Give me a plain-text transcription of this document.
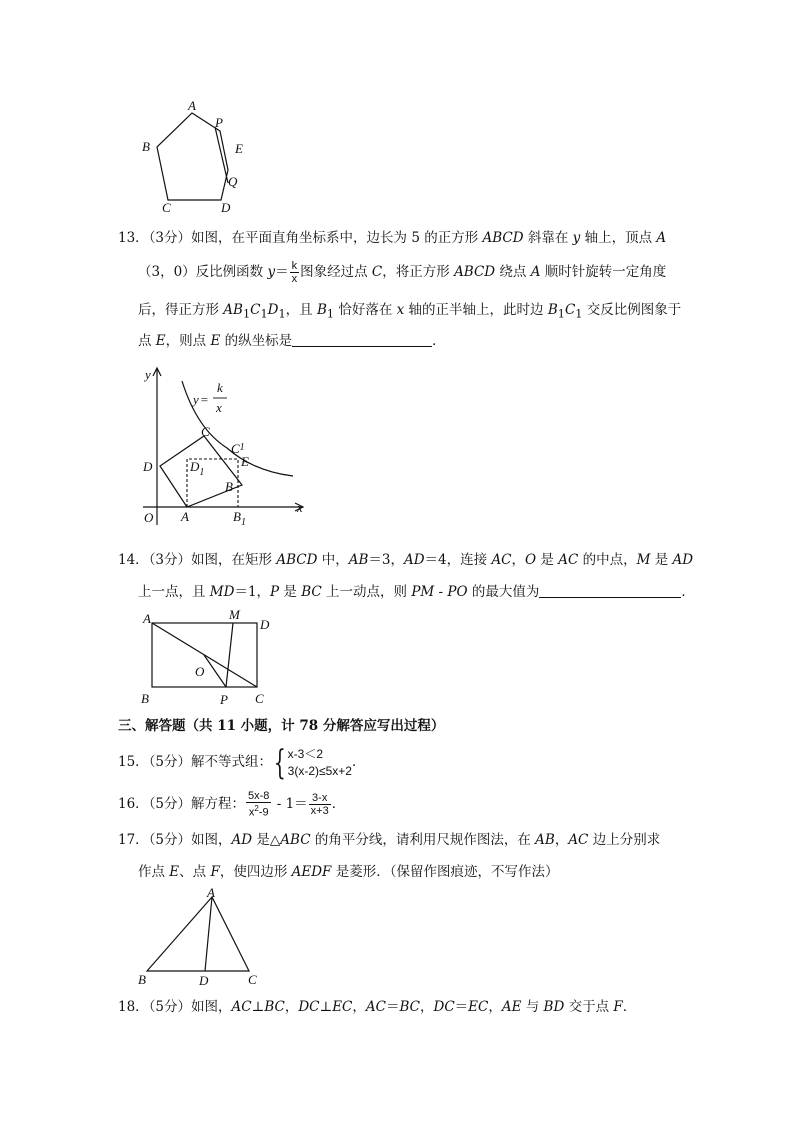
A
B
C	D
E
P
Q
13．（3分）如图，在平面直角坐标系中，边长为 5 的正方形 ABCD 斜靠在 y 轴上，顶点 A
（3，0）反比例函数 $y= \frac{k}{x}$ 图象经过点 C，将正方形 ABCD 绕点 A 顺时针旋转一定角度
后，得正方形 $AB_1C_1D_1$，且 $B_1$ 恰好落在 x 轴的正半轴上，此时边 $B_1C_1$ 交反比例图象于
点 E，则点 E 的纵坐标是	．
y
x
O A
B
$B_1$
C
$C^1$
D	$D_1$
E
y =
k
x
14．（3分）如图，在矩形 ABCD 中，AB＝3，AD＝4，连接 AC，O 是 AC 的中点，M 是 AD
上一点，且 MD＝1，P 是 BC 上一动点，则 PM - PO 的最大值为	．
A	M
D
O
B	P C
三、解答题（共 11 小题，计 78 分解答应写出过程）
15．（5分）解不等式组：{ x-3＜2
3(x-2)≤5x+2
．
16．（5分）解方程： $\frac{5x-8}{x^2-9} - 1= \frac{3-x}{x+3}$ ．
17．（5分）如图，AD 是△ABC 的角平分线，请利用尺规作图法，在 AB，AC 边上分别求
作点 E、点 F，使四边形 AEDF 是菱形．（保留作图痕迹，不写作法）
A
B	D	C
18．（5分）如图，AC⊥BC，DC⊥EC，AC＝BC，DC＝EC，AE 与 BD 交于点 F．
